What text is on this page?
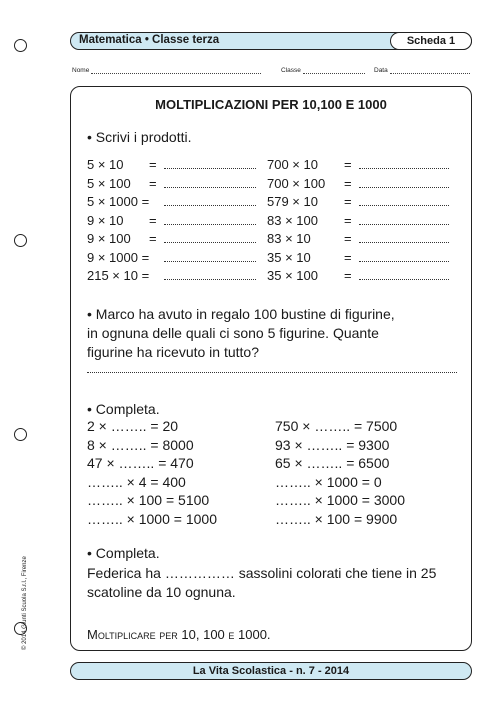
© 2014 Giunti Scuola S.r.l., Firenze
Matematica • Classe terza	Scheda 1
Nome	Classe	Data
MOLTIPLICAZIONI PER 10,100 E 1000
• Scrivi i prodotti.
5 × 10 =	700 × 10 =
5 × 100 =	700 × 100 =
5 × 1000 =	579 × 10 =
9 × 10 =	83 × 100 =
9 × 100 =	83 × 10	=
9 × 1000 =	35 × 10	=
215 × 10 =	35 × 100 =
• Marco ha avuto in regalo 100 bustine di figurine,
in ognuna delle quali ci sono 5 figurine. Quante
figurine ha ricevuto in tutto?
• Completa.
2 × …….. = 20	750 × …….. = 7500
8 × …….. = 8000	93 × …….. = 9300
47 × …….. = 470	65 × …….. = 6500
…….. × 4 = 400	…….. × 1000 = 0
…….. × 100 = 5100	…….. × 1000 = 3000
…….. × 1000 = 1000	…….. × 100 = 9900
• Completa.
Federica ha …………… sassolini colorati che tiene in 25
scatoline da 10 ognuna.
Moltiplicare per 10, 100 e 1000.
La Vita Scolastica - n. 7 - 2014
